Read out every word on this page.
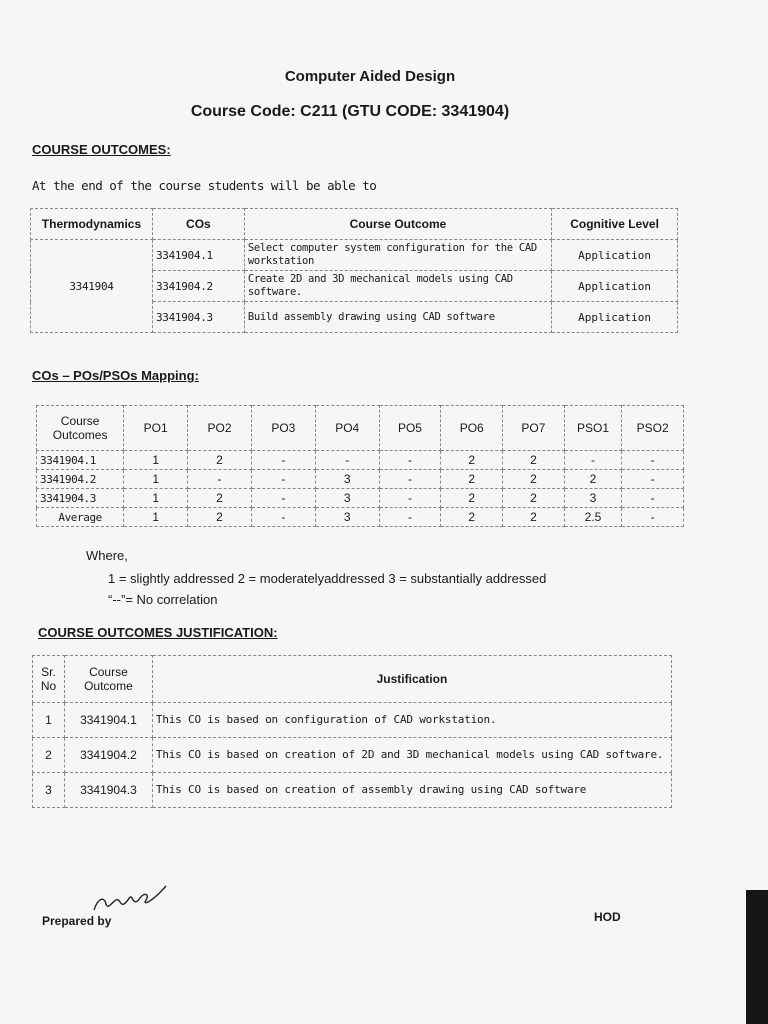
Computer Aided Design
Course Code: C211 (GTU CODE: 3341904)
COURSE OUTCOMES:
At the end of the course students will be able to
Thermodynamics	COs	Course Outcome	Cognitive Level
3341904	3341904.1	Select computer system configuration for the CAD workstation	Application
	3341904.2	Create 2D and 3D mechanical models using CAD software.	Application
	3341904.3	Build assembly drawing using CAD software	Application
COs – POs/PSOs Mapping:
Course Outcomes	PO1	PO2	PO3	PO4	PO5	PO6	PO7	PSO1	PSO2
3341904.1	1	2	-	-	-	2	2	-	-
3341904.2	1	-	-	3	-	2	2	2	-
3341904.3	1	2	-	3	-	2	2	3	-
Average	1	2	-	3	-	2	2	2.5	-
Where,
1 = slightly addressed 2 = moderatelyaddressed 3 = substantially addressed
“--”= No correlation
COURSE OUTCOMES JUSTIFICATION:
Sr. No	Course Outcome	Justification
1	3341904.1	This CO is based on configuration of CAD workstation.
2	3341904.2	This CO is based on creation of 2D and 3D mechanical models using CAD software.
3	3341904.3	This CO is based on creation of assembly drawing using CAD software
Prepared by	HOD
